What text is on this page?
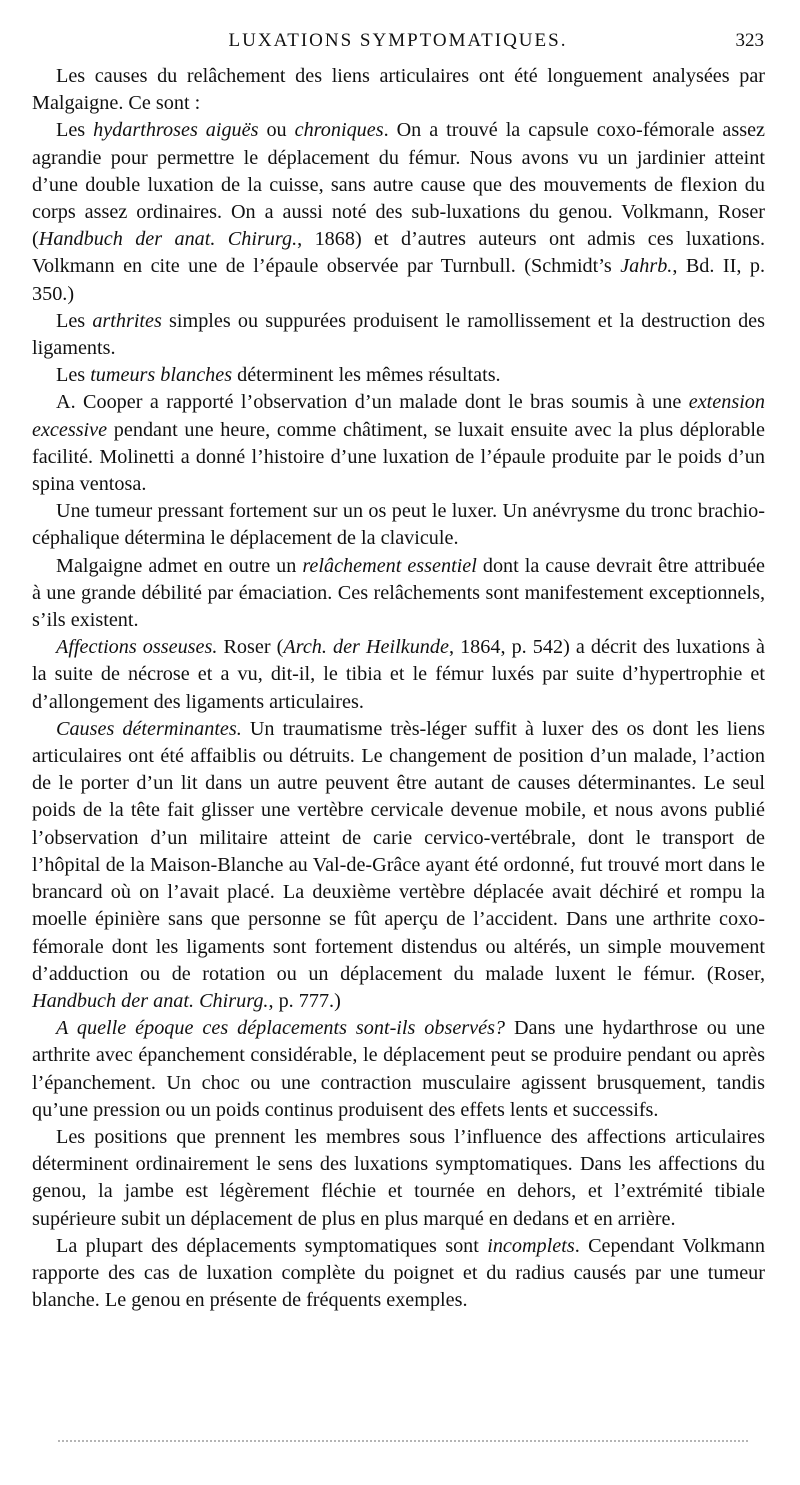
LUXATIONS SYMPTOMATIQUES.	323

Les causes du relâchement des liens articulaires ont été longuement analysées par Malgaigne. Ce sont :

Les hydarthroses aiguës ou chroniques. On a trouvé la capsule coxo-fémorale assez agrandie pour permettre le déplacement du fémur. Nous avons vu un jardinier atteint d’une double luxation de la cuisse, sans autre cause que des mouvements de flexion du corps assez ordinaires. On a aussi noté des sub-luxations du genou. Volkmann, Roser (Handbuch der anat. Chirurg., 1868) et d’autres auteurs ont admis ces luxations. Volkmann en cite une de l’épaule observée par Turnbull. (Schmidt’s Jahrb., Bd. II, p. 350.)

Les arthrites simples ou suppurées produisent le ramollissement et la destruction des ligaments.

Les tumeurs blanches déterminent les mêmes résultats.

A. Cooper a rapporté l’observation d’un malade dont le bras soumis à une extension excessive pendant une heure, comme châtiment, se luxait ensuite avec la plus déplorable facilité. Molinetti a donné l’histoire d’une luxation de l’épaule produite par le poids d’un spina ventosa.

Une tumeur pressant fortement sur un os peut le luxer. Un anévrysme du tronc brachio-céphalique détermina le déplacement de la clavicule.

Malgaigne admet en outre un relâchement essentiel dont la cause devrait être attribuée à une grande débilité par émaciation. Ces relâchements sont manifestement exceptionnels, s’ils existent.

Affections osseuses. Roser (Arch. der Heilkunde, 1864, p. 542) a décrit des luxations à la suite de nécrose et a vu, dit-il, le tibia et le fémur luxés par suite d’hypertrophie et d’allongement des ligaments articulaires.

Causes déterminantes. Un traumatisme très-léger suffit à luxer des os dont les liens articulaires ont été affaiblis ou détruits. Le changement de position d’un malade, l’action de le porter d’un lit dans un autre peuvent être autant de causes déterminantes. Le seul poids de la tête fait glisser une vertèbre cervicale devenue mobile, et nous avons publié l’observation d’un militaire atteint de carie cervico-vertébrale, dont le transport de l’hôpital de la Maison-Blanche au Val-de-Grâce ayant été ordonné, fut trouvé mort dans le brancard où on l’avait placé. La deuxième vertèbre déplacée avait déchiré et rompu la moelle épinière sans que personne se fût aperçu de l’accident. Dans une arthrite coxo-fémorale dont les ligaments sont fortement distendus ou altérés, un simple mouvement d’adduction ou de rotation ou un déplacement du malade luxent le fémur. (Roser, Handbuch der anat. Chirurg., p. 777.)

A quelle époque ces déplacements sont-ils observés? Dans une hydarthrose ou une arthrite avec épanchement considérable, le déplacement peut se produire pendant ou après l’épanchement. Un choc ou une contraction musculaire agissent brusquement, tandis qu’une pression ou un poids continus produisent des effets lents et successifs.

Les positions que prennent les membres sous l’influence des affections articulaires déterminent ordinairement le sens des luxations symptomatiques. Dans les affections du genou, la jambe est légèrement fléchie et tournée en dehors, et l’extrémité tibiale supérieure subit un déplacement de plus en plus marqué en dedans et en arrière.

La plupart des déplacements symptomatiques sont incomplets. Cependant Volkmann rapporte des cas de luxation complète du poignet et du radius causés par une tumeur blanche. Le genou en présente de fréquents exemples.
